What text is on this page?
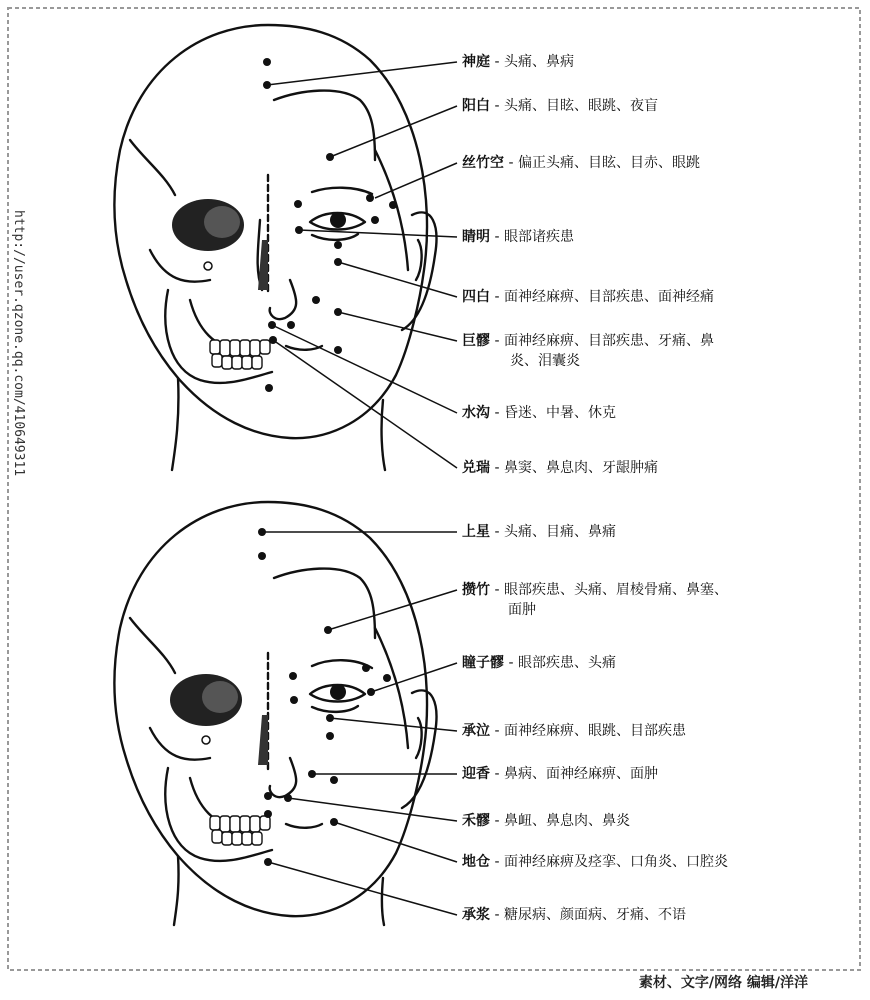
http://user.qzone.qq.com/410649311
神庭 - 头痛、鼻病
阳白 - 头痛、目眩、眼跳、夜盲
丝竹空 - 偏正头痛、目眩、目赤、眼跳
睛明 - 眼部诸疾患
四白 - 面神经麻痹、目部疾患、面神经痛
巨髎 - 面神经麻痹、目部疾患、牙痛、鼻
炎、泪囊炎
水沟 - 昏迷、中暑、休克
兑瑞 - 鼻窦、鼻息肉、牙龈肿痛
上星 - 头痛、目痛、鼻痛
攒竹 - 眼部疾患、头痛、眉棱骨痛、鼻塞、
面肿
瞳子髎 - 眼部疾患、头痛
承泣 - 面神经麻痹、眼跳、目部疾患
迎香 - 鼻病、面神经麻痹、面肿
禾髎 - 鼻衄、鼻息肉、鼻炎
地仓 - 面神经麻痹及痉挛、口角炎、口腔炎
承浆 - 糖尿病、颜面病、牙痛、不语
素材、文字/网络 编辑/洋洋
